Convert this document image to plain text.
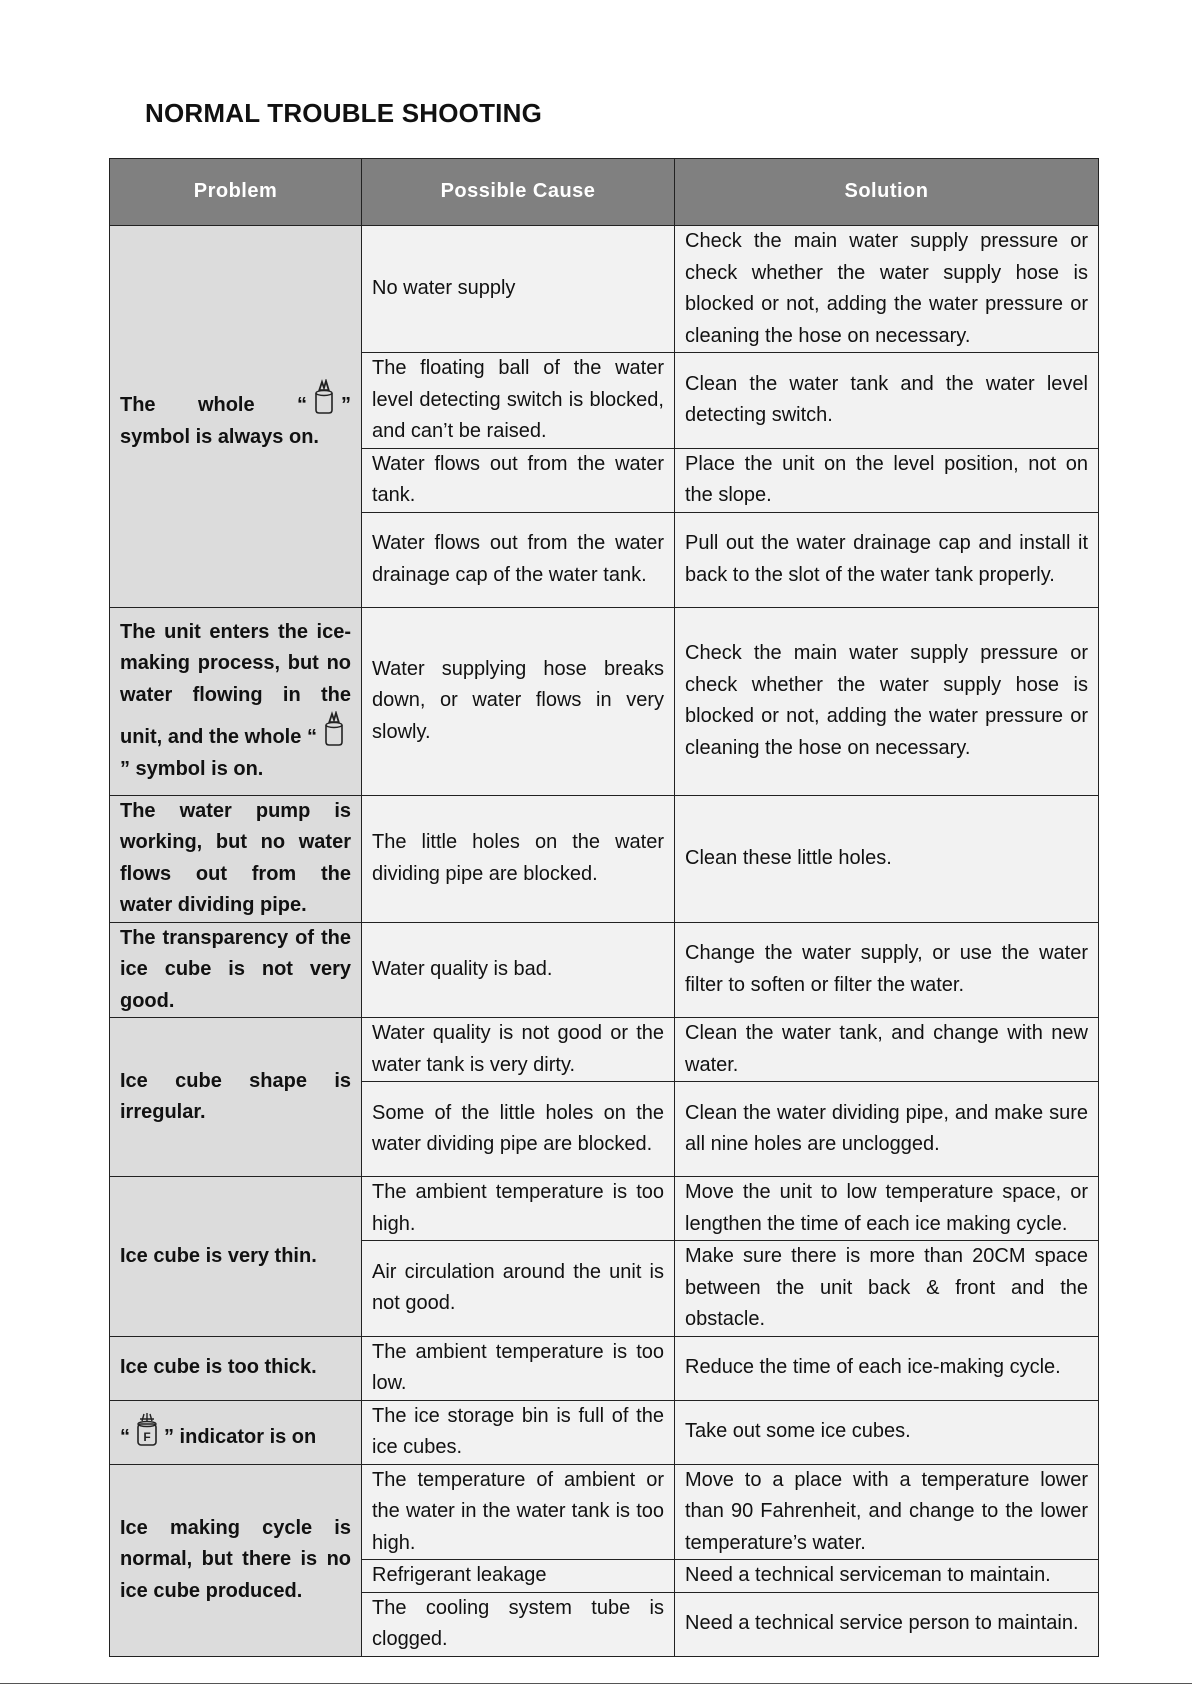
NORMAL TROUBLE SHOOTING
Problem	Possible Cause	Solution
The whole “ ” symbol is always on.	No water supply	Check the main water supply pressure or check whether the water supply hose is blocked or not, adding the water pressure or cleaning the hose on necessary.
	The floating ball of the water level detecting switch is blocked, and can’t be raised.	Clean the water tank and the water level detecting switch.
	Water flows out from the water tank.	Place the unit on the level position, not on the slope.
	Water flows out from the water drainage cap of the water tank.	Pull out the water drainage cap and install it back to the slot of the water tank properly.
The unit enters the ice-making process, but no water flowing in the unit, and the whole “” symbol is on.	Water supplying hose breaks down, or water flows in very slowly.	Check the main water supply pressure or check whether the water supply hose is blocked or not, adding the water pressure or cleaning the hose on necessary.
The water pump is working, but no water flows out from the water dividing pipe.	The little holes on the water dividing pipe are blocked.	Clean these little holes.
The transparency of the ice cube is not very good.	Water quality is bad.	Change the water supply, or use the water filter to soften or filter the water.
Ice cube shape is irregular.	Water quality is not good or the water tank is very dirty.	Clean the water tank, and change with new water.
	Some of the little holes on the water dividing pipe are blocked.	Clean the water dividing pipe, and make sure all nine holes are unclogged.
Ice cube is very thin.	The ambient temperature is too high.	Move the unit to low temperature space, or lengthen the time of each ice making cycle.
	Air circulation around the unit is not good.	Make sure there is more than 20CM space between the unit back & front and the obstacle.
Ice cube is too thick.	The ambient temperature is too low.	Reduce the time of each ice-making cycle.
“ F ” indicator is on	The ice storage bin is full of the ice cubes.	Take out some ice cubes.
Ice making cycle is normal, but there is no ice cube produced.	The temperature of ambient or the water in the water tank is too high.	Move to a place with a temperature lower than 90 Fahrenheit, and change to the lower temperature’s water.
	Refrigerant leakage	Need a technical serviceman to maintain.
	The cooling system tube is clogged.	Need a technical service person to maintain.
